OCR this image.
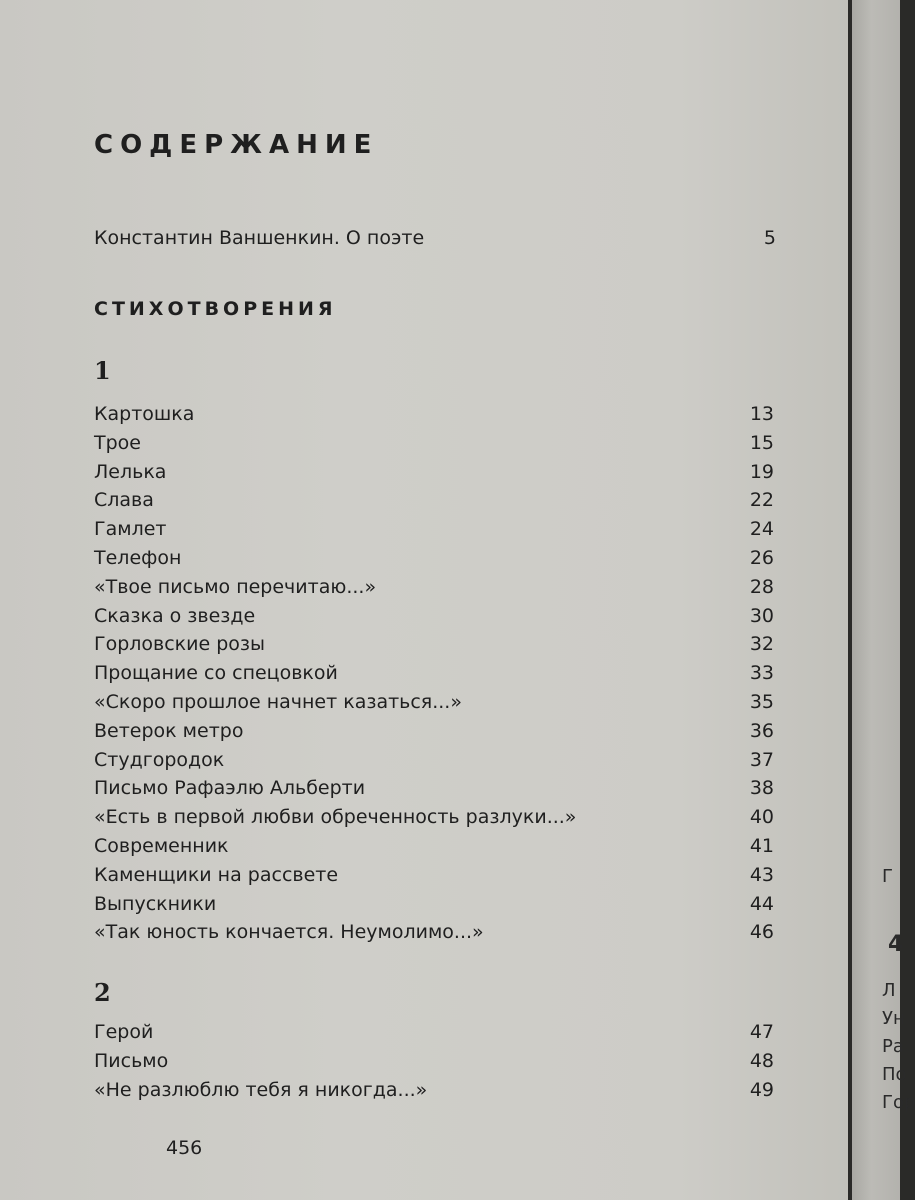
СОДЕРЖАНИЕ
Константин Ваншенкин. О поэте	5
СТИХОТВОРЕНИЯ
1
Картошка	13
Трое	15
Лелька	19
Слава	22
Гамлет	24
Телефон	26
«Твое письмо перечитаю...»	28
Сказка о звезде	30
Горловские розы	32
Прощание со спецовкой	33
«Скоро прошлое начнет казаться...»	35
Ветерок метро	36
Студгородок	37
Письмо Рафаэлю Альберти	38
«Есть в первой любви обреченность разлуки...»	40
Современник	41
Каменщики на рассвете	43
Выпускники	44
«Так юность кончается. Неумолимо...»	46
2
Герой	47
Письмо	48
«Не разлюблю тебя я никогда...»	49
456
Г
4
Л
Ун
Ра
По
Гор
